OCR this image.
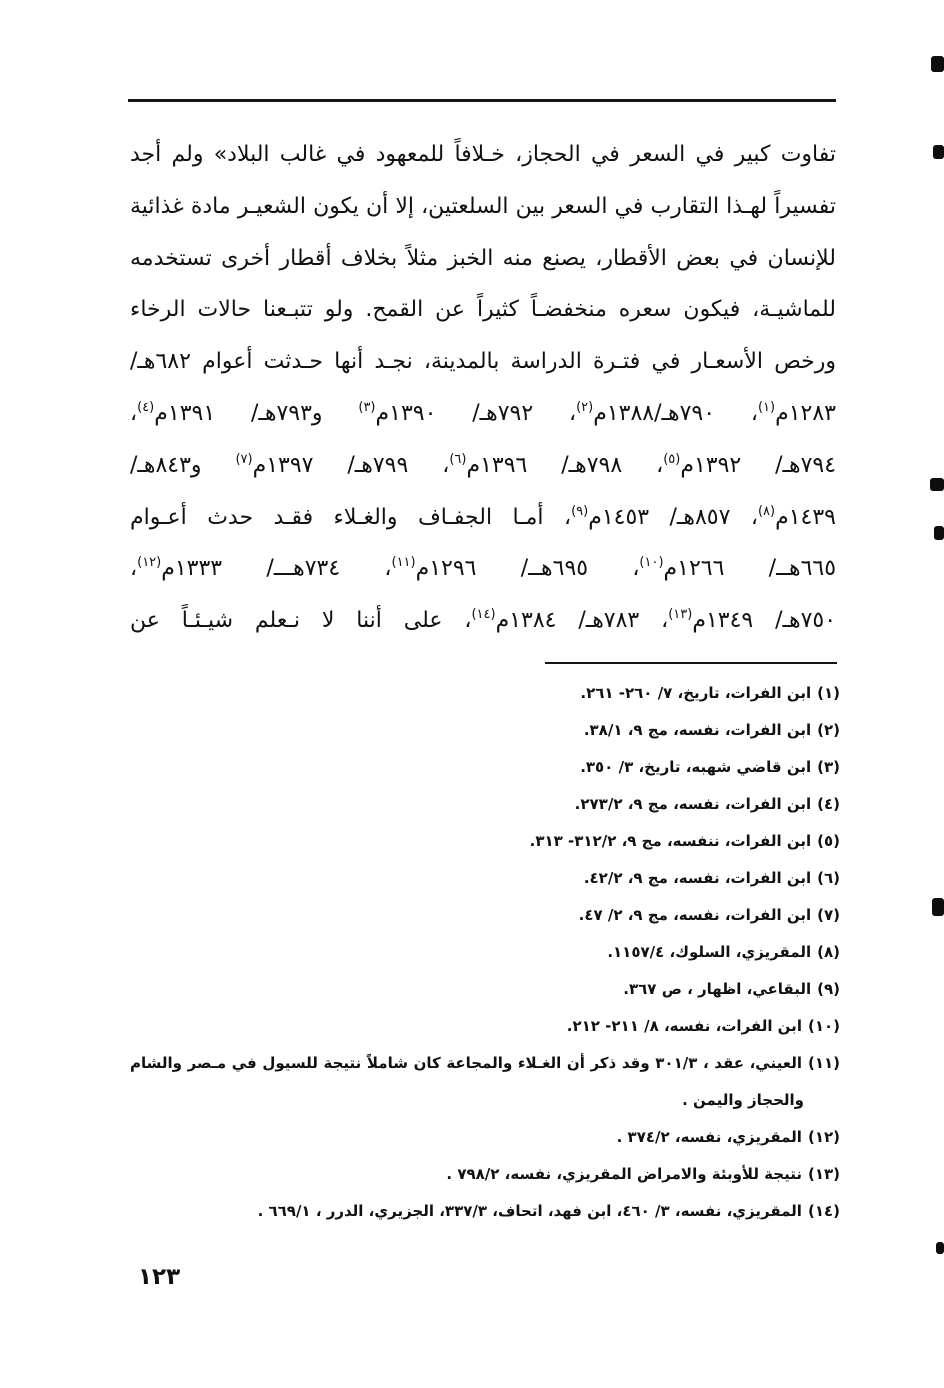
تفاوت كبير في السعر في الحجاز، خـلافاً للمعهود في غالب البلاد» ولم أجد
تفسيراً لهـذا التقارب في السعر بين السلعتين، إلا أن يكون الشعيـر مادة غذائية
للإنسان في بعض الأقطار، يصنع منه الخبز مثلاً بخلاف أقطار أخرى تستخدمه
للماشيـة، فيكون سعره منخفضـاً كثيراً عن القمح. ولو تتبـعنا حالات الرخاء
ورخص الأسعـار في فتـرة الدراسة بالمدينة، نجـد أنها حـدثت أعوام ٦٨٢هـ/
١٢٨٣م$^{(١)}$، ٧٩٠هـ/١٣٨٨م$^{(٢)}$، ٧٩٢هـ/ ١٣٩٠م$^{(٣)}$ و٧٩٣هـ/ ١٣٩١م$^{(٤)}$،
٧٩٤هـ/ ١٣٩٢م$^{(٥)}$، ٧٩٨هـ/ ١٣٩٦م$^{(٦)}$، ٧٩٩هـ/ ١٣٩٧م$^{(٧)}$ و٨٤٣هـ/
١٤٣٩م$^{(٨)}$، ٨٥٧هـ/ ١٤٥٣م$^{(٩)}$، أمـا الجفـاف والغـلاء فقـد حدث أعـوام
٦٦٥هــ/ ١٢٦٦م$^{(١٠)}$، ٦٩٥هــ/ ١٢٩٦م$^{(١١)}$، ٧٣٤هـــ/ ١٣٣٣م$^{(١٢)}$،
٧٥٠هـ/ ١٣٤٩م$^{(١٣)}$، ٧٨٣هـ/ ١٣٨٤م$^{(١٤)}$، على أننا لا نـعلم شيـئـاً عن
(١)ابن الفرات، تاريخ، ٧/ ٢٦٠- ٢٦١.
(٢)ابن الفرات، نفسه، مج ٩، ٣٨/١.
(٣)ابن قاضي شهبه، تاريخ، ٣/ ٣٥٠.
(٤)ابن الفرات، نفسه، مج ٩، ٢٧٣/٢.
(٥)ابن الفرات، ننفسه، مج ٩، ٣١٢/٢- ٣١٣.
(٦)ابن الفرات، نفسه، مج ٩، ٤٢/٢.
(٧)ابن الفرات، نفسه، مج ٩، ٢/ ٤٧.
(٨)المقريزي، السلوك، ١١٥٧/٤.
(٩)البقاعي، اظهار ، ص ٣٦٧.
(١٠)ابن الفرات، نفسه، ٨/ ٢١١- ٢١٢.
(١١)العيني، عقد ، ٣٠١/٣ وقد ذكر أن الغـلاء والمجاعة كان شاملاً نتيجة للسيول في مـصر والشام
والحجاز واليمن .
(١٢)المقريزي، نفسه، ٣٧٤/٢ .
(١٣)نتيجة للأوبئة والامراض المقريزي، نفسه، ٧٩٨/٢ .
(١٤)المقريزي، نفسه، ٣/ ٤٦٠، ابن فهد، اتحاف، ٣٣٧/٣، الجزيري، الدرر ، ٦٦٩/١ .
١٢٣
